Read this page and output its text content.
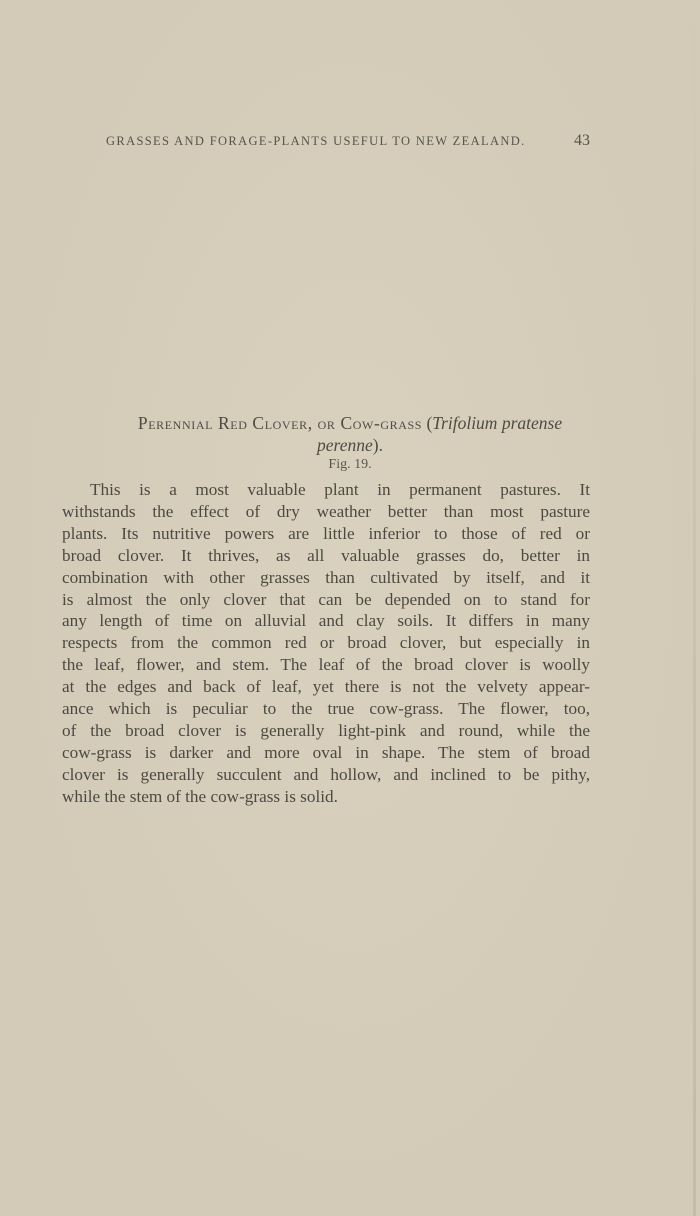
GRASSES AND FORAGE-PLANTS USEFUL TO NEW ZEALAND.	43
Perennial Red Clover, or Cow-grass (Trifolium pratense
perenne).
Fig. 19.
This is a most valuable plant in permanent pastures. It
withstands the effect of dry weather better than most pasture
plants. Its nutritive powers are little inferior to those of red or
broad clover. It thrives, as all valuable grasses do, better in
combination with other grasses than cultivated by itself, and it
is almost the only clover that can be depended on to stand for
any length of time on alluvial and clay soils. It differs in many
respects from the common red or broad clover, but especially in
the leaf, flower, and stem. The leaf of the broad clover is woolly
at the edges and back of leaf, yet there is not the velvety appear-
ance which is peculiar to the true cow-grass. The flower, too,
of the broad clover is generally light-pink and round, while the
cow-grass is darker and more oval in shape. The stem of broad
clover is generally succulent and hollow, and inclined to be pithy,
while the stem of the cow-grass is solid.
